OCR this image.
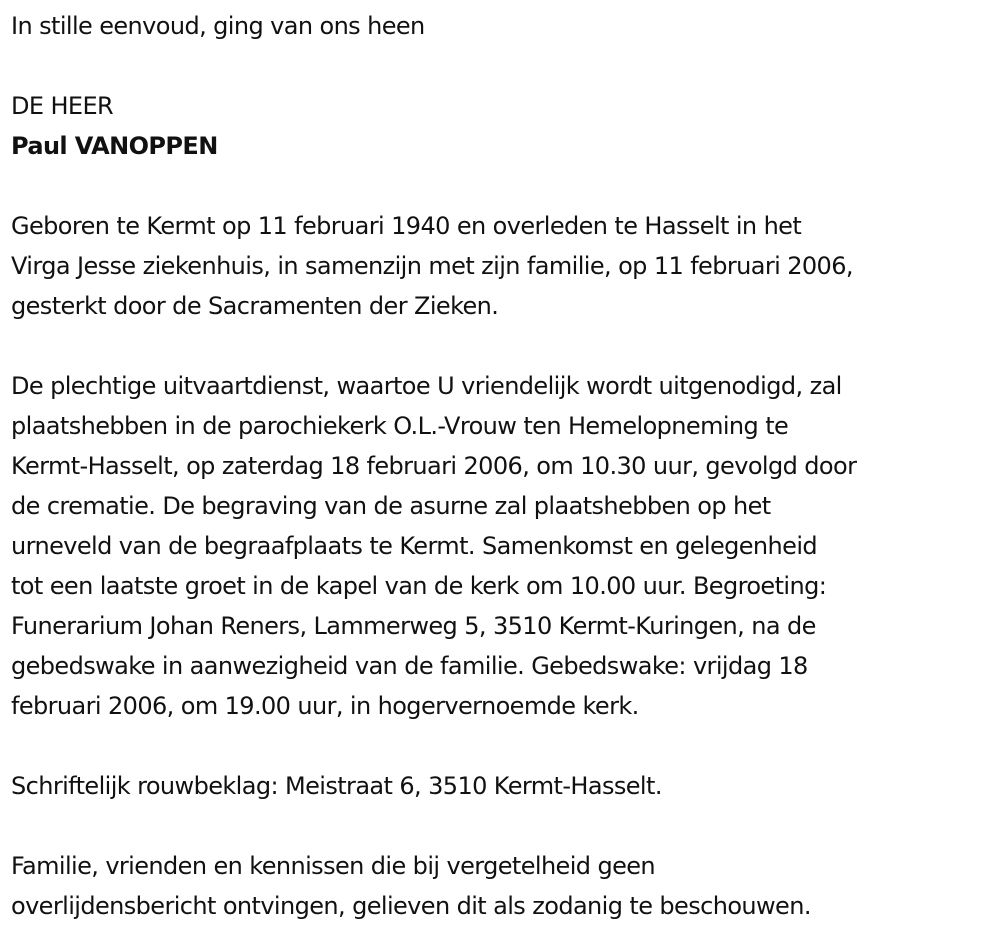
In stille eenvoud, ging van ons heen

DE HEER

Paul VANOPPEN

Geboren te Kermt op 11 februari 1940 en overleden te Hasselt in het

Virga Jesse ziekenhuis, in samenzijn met zijn familie, op 11 februari 2006,

gesterkt door de Sacramenten der Zieken.

De plechtige uitvaartdienst, waartoe U vriendelijk wordt uitgenodigd, zal

plaatshebben in de parochiekerk O.L.-Vrouw ten Hemelopneming te

Kermt-Hasselt, op zaterdag 18 februari 2006, om 10.30 uur, gevolgd door

de crematie. De begraving van de asurne zal plaatshebben op het

urneveld van de begraafplaats te Kermt. Samenkomst en gelegenheid

tot een laatste groet in de kapel van de kerk om 10.00 uur. Begroeting:

Funerarium Johan Reners, Lammerweg 5, 3510 Kermt-Kuringen, na de

gebedswake in aanwezigheid van de familie. Gebedswake: vrijdag 18

februari 2006, om 19.00 uur, in hogervernoemde kerk.

Schriftelijk rouwbeklag: Meistraat 6, 3510 Kermt-Hasselt.

Familie, vrienden en kennissen die bij vergetelheid geen

overlijdensbericht ontvingen, gelieven dit als zodanig te beschouwen.
